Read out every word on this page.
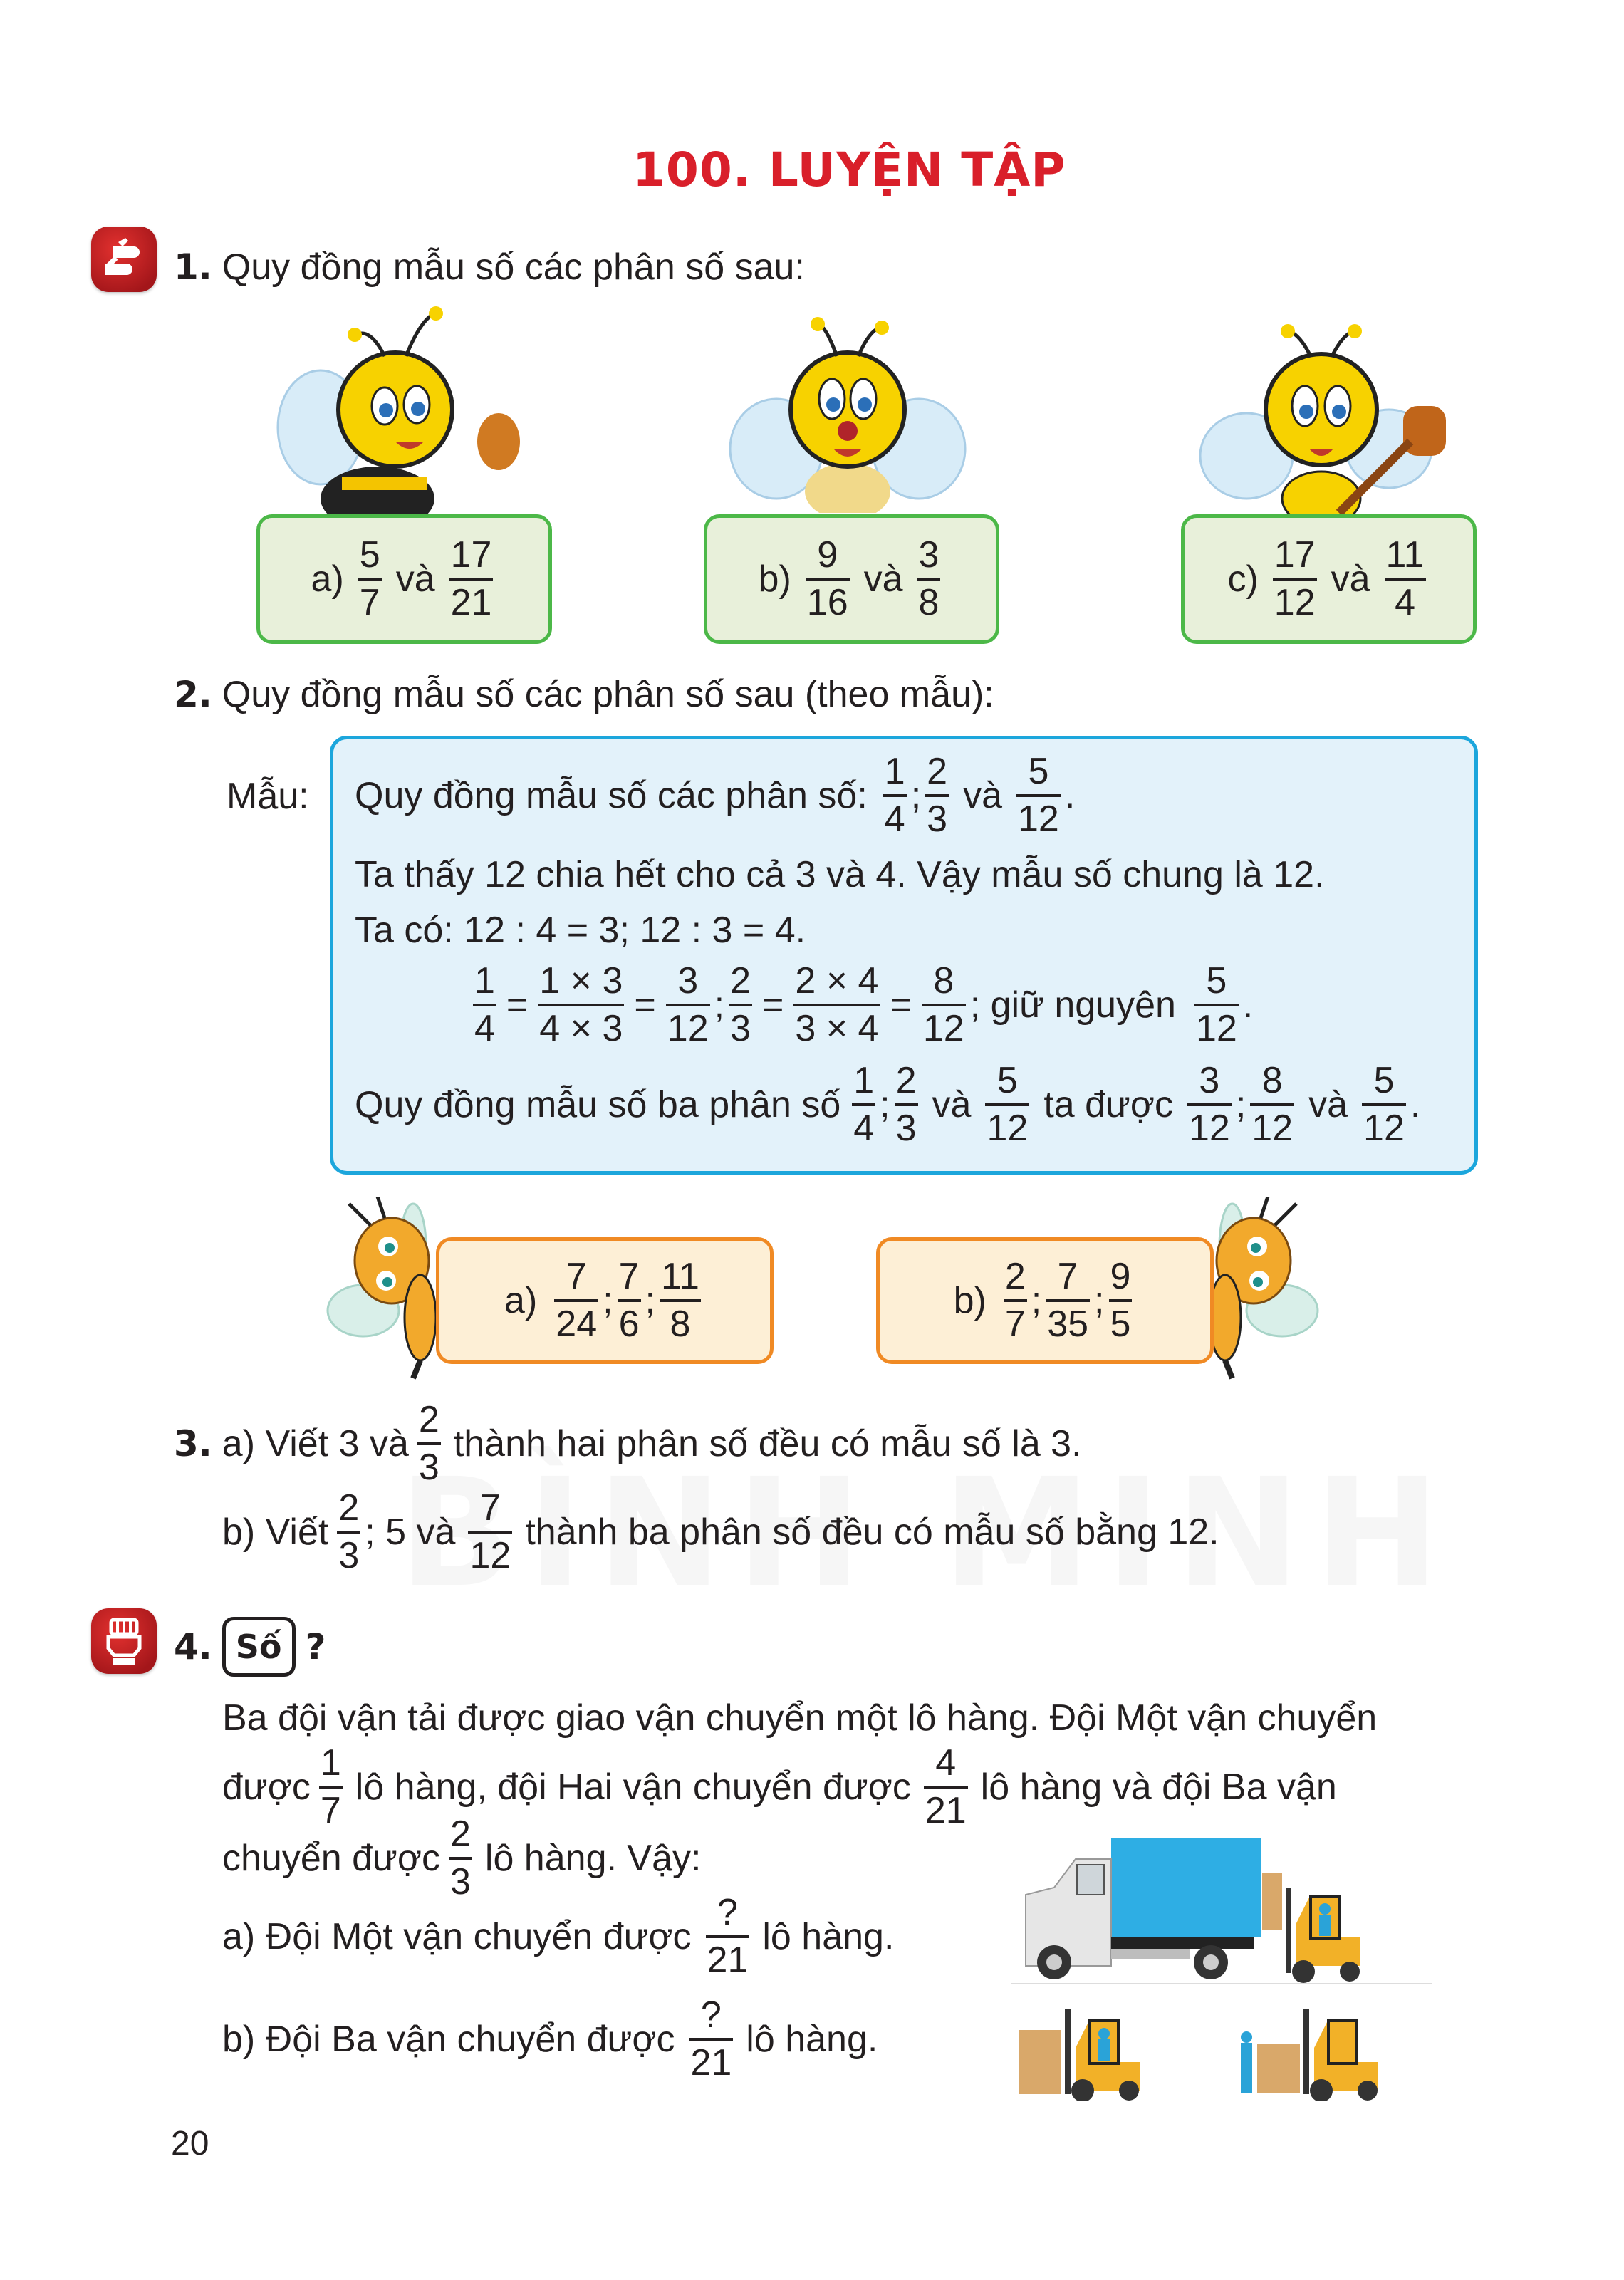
100. LUYỆN TẬP
1. Quy đồng mẫu số các phân số sau:
$a) \frac{5}{7}$ và $\frac{17}{21}$	$b) \frac{9}{16}$ và $\frac{3}{8}$	$c) \frac{17}{12}$ và $\frac{11}{4}$
2. Quy đồng mẫu số các phân số sau (theo mẫu):
Mẫu: Quy đồng mẫu số các phân số: $\frac{1}{4}$ ; $\frac{2}{3}$ và $\frac{5}{12}$ .
Ta thấy 12 chia hết cho cả 3 và 4. Vậy mẫu số chung là 12.
Ta có: 12 : 4 = 3; 12 : 3 = 4.
$\frac{1}{4} = \frac{1 \times 3}{4 \times 3} = \frac{3}{12}$ ; $\frac{2}{3} = \frac{2 \times 4}{3 \times 4} = \frac{8}{12}$ ; giữ nguyên $\frac{5}{12}$ .
Quy đồng mẫu số ba phân số $\frac{1}{4}$ ; $\frac{2}{3}$ và $\frac{5}{12}$ ta được $\frac{3}{12}$ ; $\frac{8}{12}$ và $\frac{5}{12}$ .
$a) \frac{7}{24}$ ; $\frac{7}{6}$ ; $\frac{11}{8}$	$b) \frac{2}{7}$ ; $\frac{7}{35}$ ; $\frac{9}{5}$
3. a) Viết 3 và $\frac{2}{3}$ thành hai phân số đều có mẫu số là 3.
b) Viết $\frac{2}{3}$ ; 5 và $\frac{7}{12}$ thành ba phân số đều có mẫu số bằng 12.
4. Số ?
Ba đội vận tải được giao vận chuyển một lô hàng. Đội Một vận chuyển
được $\frac{1}{7}$ lô hàng, đội Hai vận chuyển được $\frac{4}{21}$ lô hàng và đội Ba vận
chuyển được $\frac{2}{3}$ lô hàng. Vậy:
a) Đội Một vận chuyển được $\frac{?}{21}$ lô hàng.
b) Đội Ba vận chuyển được $\frac{?}{21}$ lô hàng.
20
